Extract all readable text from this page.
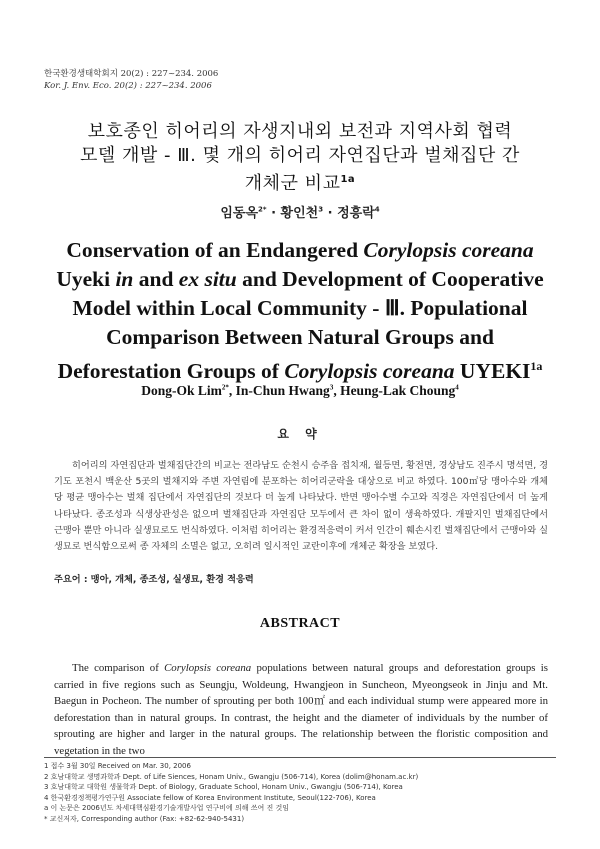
한국환경생태학회지 20(2) : 227~234. 2006
Kor. J. Env. Eco. 20(2) : 227~234. 2006
보호종인 히어리의 자생지내외 보전과 지역사회 협력
모델 개발 - Ⅲ. 몇 개의 히어리 자연집단과 벌채집단 간
개체군 비교$^{1a}$
임동옥$^{2*}$ · 황인천$^3$ · 정흥락$^4$
Conservation of an Endangered Corylopsis coreana
Uyeki in and ex situ and Development of Cooperative
Model within Local Community - Ⅲ. Populational
Comparison Between Natural Groups and
Deforestation Groups of Corylopsis coreana $UYEKI^{1a}$
Dong-Ok Lim$^{2*}$, In-Chun Hwang$^3$, Heung-Lak Choung$^4$
요 약

히어리의 자연집단과 벌채집단간의 비교는 전라남도 순천시 승주읍 접치재, 월등면, 황전면, 경상남도 진주시 명석면, 경기도 포천시 백운산 5곳의 벌채지와 주변 자연림에 분포하는 히어리군락을 대상으로 비교 하였다. 100㎡당 맹아수와 개체 당 평균 맹아수는 벌채 집단에서 자연집단의 것보다 더 높게 나타났다. 반면 맹아수별 수고와 직경은 자연집단에서 더 높게 나타났다. 종조성과 식생상관성은 없으며 벌채집단과 자연집단 모두에서 큰 차이 없이 생육하였다. 개팔지인 벌채집단에서 근맹아 뿐만 아니라 실생묘로도 번식하였다. 이처럼 히어리는 환경적응력이 커서 인간이 훼손시킨 벌채집단에서 근맹아와 실생묘로 번식함으로써 종 자체의 소멸은 없고, 오히려 일시적인 교란이후에 개체군 확장을 보였다.

주요어 : 맹아, 개체, 종조성, 실생묘, 환경 적응력
ABSTRACT

The comparison of Corylopsis coreana populations between natural groups and deforestation groups is carried in five regions such as Seungju, Woldeung, Hwangjeon in Suncheon, Myeongseok in Jinju and Mt. Baegun in Pocheon. The number of sprouting per both 100㎡ and each individual stump were appeared more in deforestation than in natural groups. In contrast, the height and the diameter of individuals by the number of sprouting are higher and larger in the natural groups. The relationship between the floristic composition and vegetation in the two

1 접수 3월 30일 Received on Mar. 30, 2006
2 호남대학교 생명과학과 Dept. of Life Siences, Honam Univ., Gwangju (506-714), Korea (dolim@honam.ac.kr)
3 호남대학교 대학원 생물학과 Dept. of Biology, Graduate School, Honam Univ., Gwangju (506-714), Korea
4 한국환경정책평가연구원 Associate fellow of Korea Environment Institute, Seoul(122-706), Korea
a 이 논문은 2006년도 차세대핵심환경기술개발사업 연구비에 의해 쓰여 진 것임
* 교신저자, Corresponding author (Fax: +82-62-940-5431)
